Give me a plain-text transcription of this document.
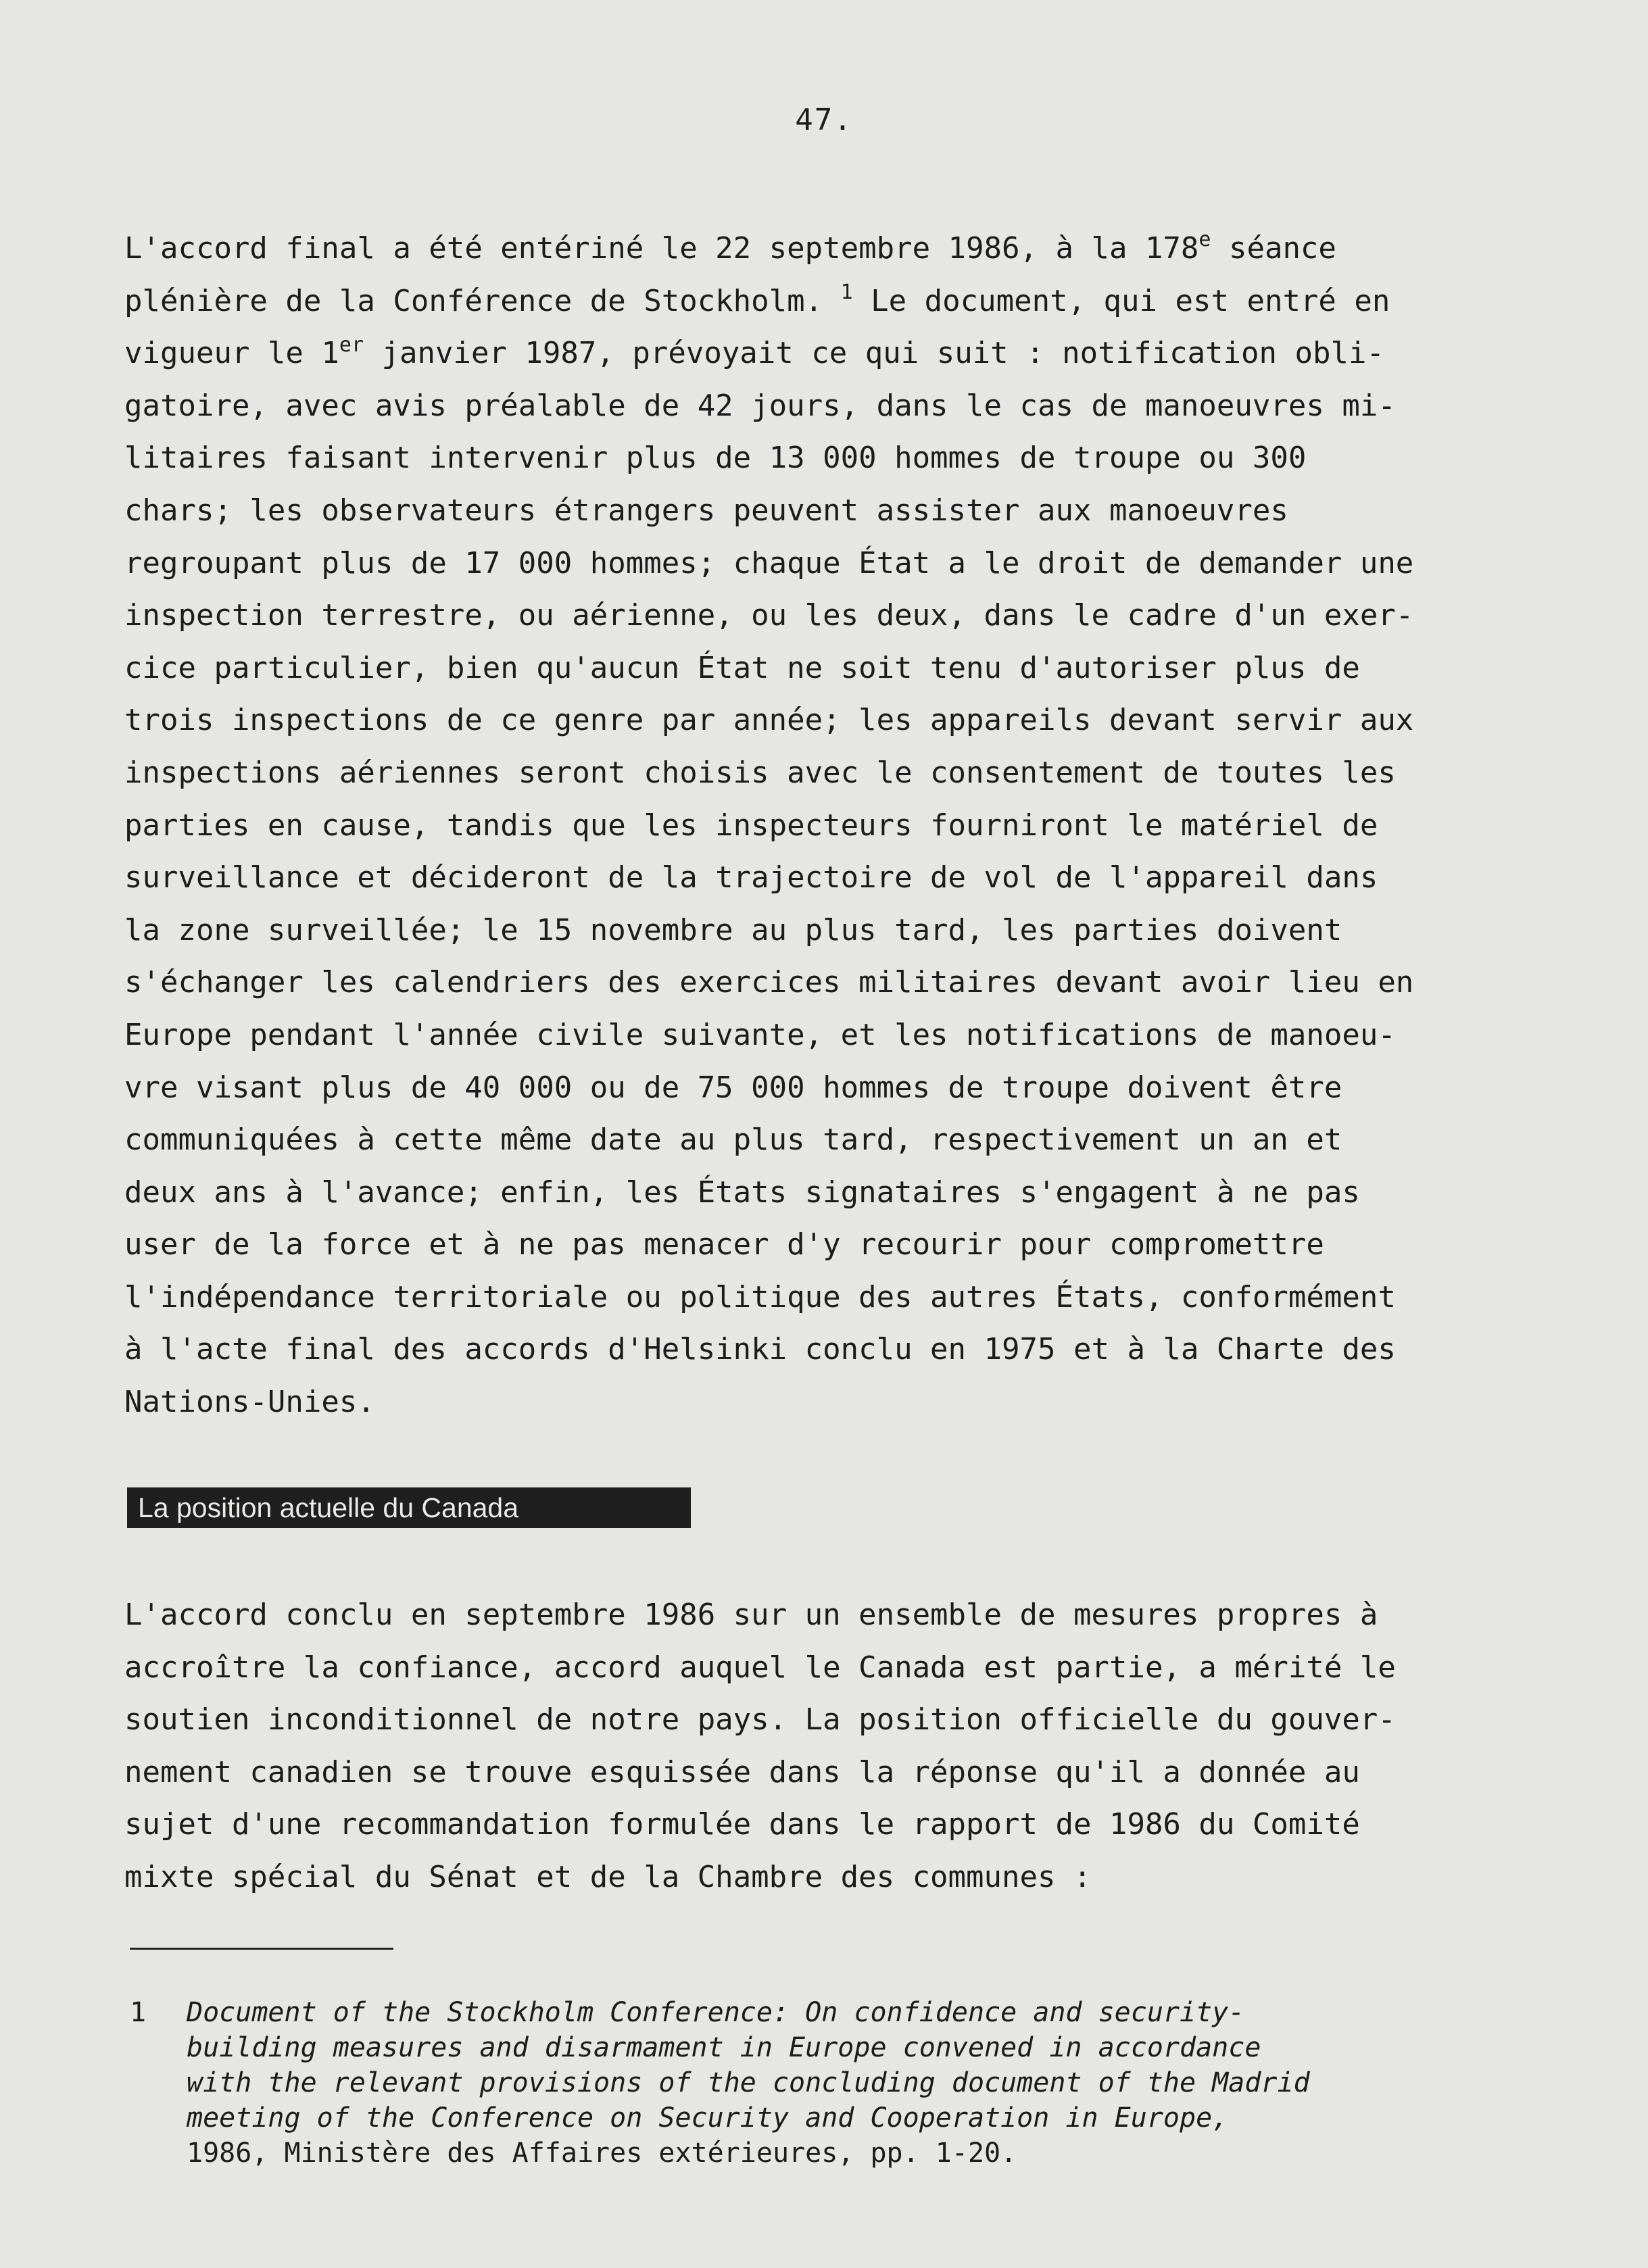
47.
L'accord final a été entériné le 22 septembre 1986, à la 178e séance
plénière de la Conférence de Stockholm. $^1$ Le document, qui est entré en
vigueur le 1er janvier 1987, prévoyait ce qui suit : notification obli-
gatoire, avec avis préalable de 42 jours, dans le cas de manoeuvres mi-
litaires faisant intervenir plus de 13 000 hommes de troupe ou 300
chars; les observateurs étrangers peuvent assister aux manoeuvres
regroupant plus de 17 000 hommes; chaque État a le droit de demander une
inspection terrestre, ou aérienne, ou les deux, dans le cadre d'un exer-
cice particulier, bien qu'aucun État ne soit tenu d'autoriser plus de
trois inspections de ce genre par année; les appareils devant servir aux
inspections aériennes seront choisis avec le consentement de toutes les
parties en cause, tandis que les inspecteurs fourniront le matériel de
surveillance et décideront de la trajectoire de vol de l'appareil dans
la zone surveillée; le 15 novembre au plus tard, les parties doivent
s'échanger les calendriers des exercices militaires devant avoir lieu en
Europe pendant l'année civile suivante, et les notifications de manoeu-
vre visant plus de 40 000 ou de 75 000 hommes de troupe doivent être
communiquées à cette même date au plus tard, respectivement un an et
deux ans à l'avance; enfin, les États signataires s'engagent à ne pas
user de la force et à ne pas menacer d'y recourir pour compromettre
l'indépendance territoriale ou politique des autres États, conformément
à l'acte final des accords d'Helsinki conclu en 1975 et à la Charte des
Nations-Unies.
La position actuelle du Canada
L'accord conclu en septembre 1986 sur un ensemble de mesures propres à
accroître la confiance, accord auquel le Canada est partie, a mérité le
soutien inconditionnel de notre pays. La position officielle du gouver-
nement canadien se trouve esquissée dans la réponse qu'il a donnée au
sujet d'une recommandation formulée dans le rapport de 1986 du Comité
mixte spécial du Sénat et de la Chambre des communes :
1 Document of the Stockholm Conference: On confidence and security-
building measures and disarmament in Europe convened in accordance
with the relevant provisions of the concluding document of the Madrid
meeting of the Conference on Security and Cooperation in Europe,
1986, Ministère des Affaires extérieures, pp. 1-20.
